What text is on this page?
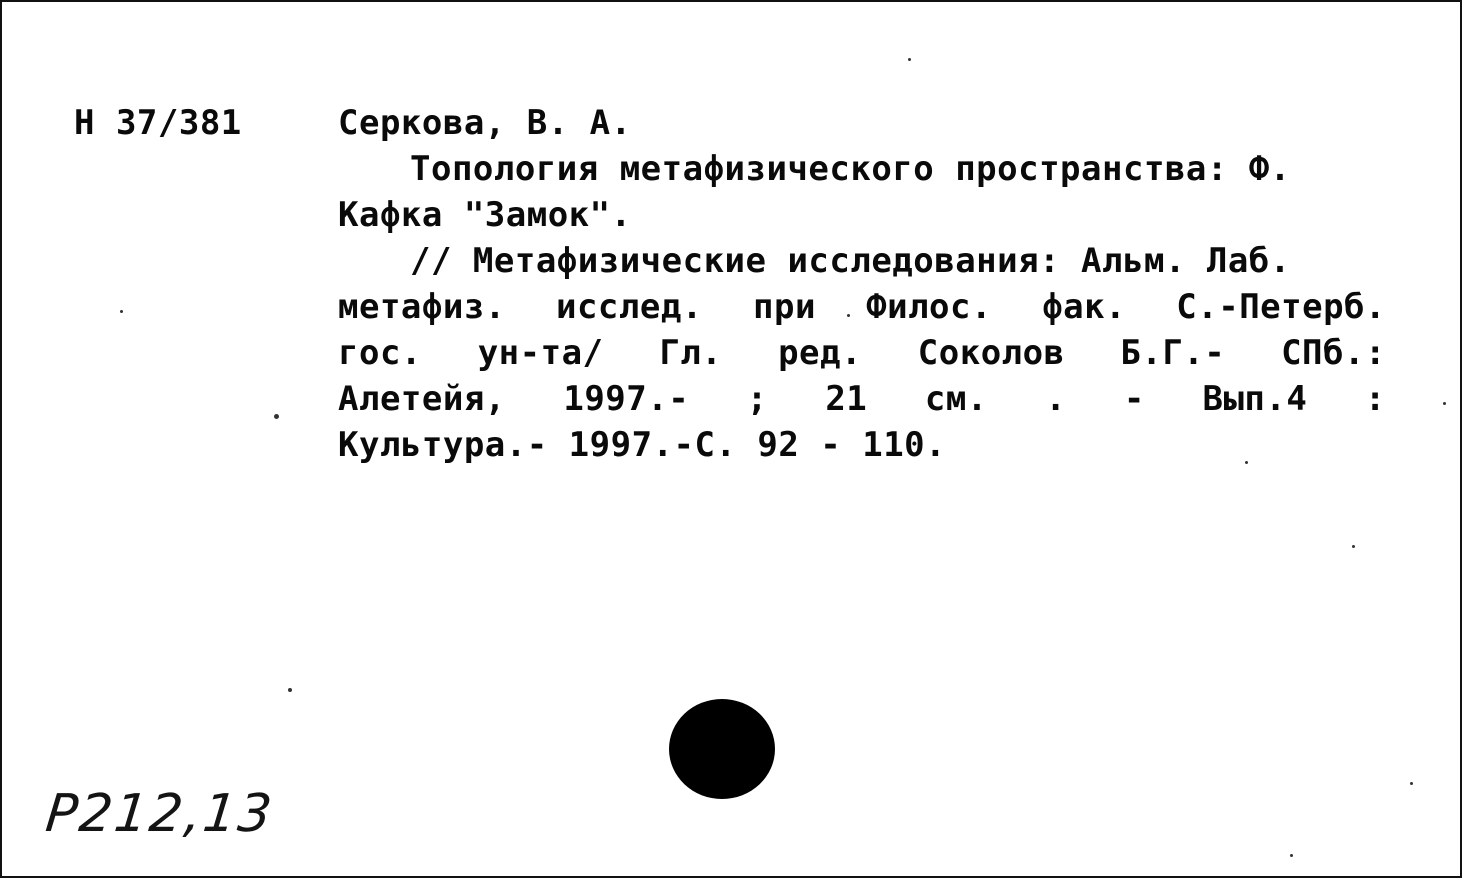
Н 37/381	Серкова, В. А.
Топология метафизического пространства: Ф.
Кафка "Замок".
// Метафизические исследования: Альм. Лаб.
метафиз. исслед. при Филос. фак. С.-Петерб.
гос. ун-та/ Гл. ред. Соколов Б.Г.- СПб.:
Алетейя, 1997.- ; 21 см. . - Вып.4 :
Культура.- 1997.-С. 92 - 110.
Р212,13
